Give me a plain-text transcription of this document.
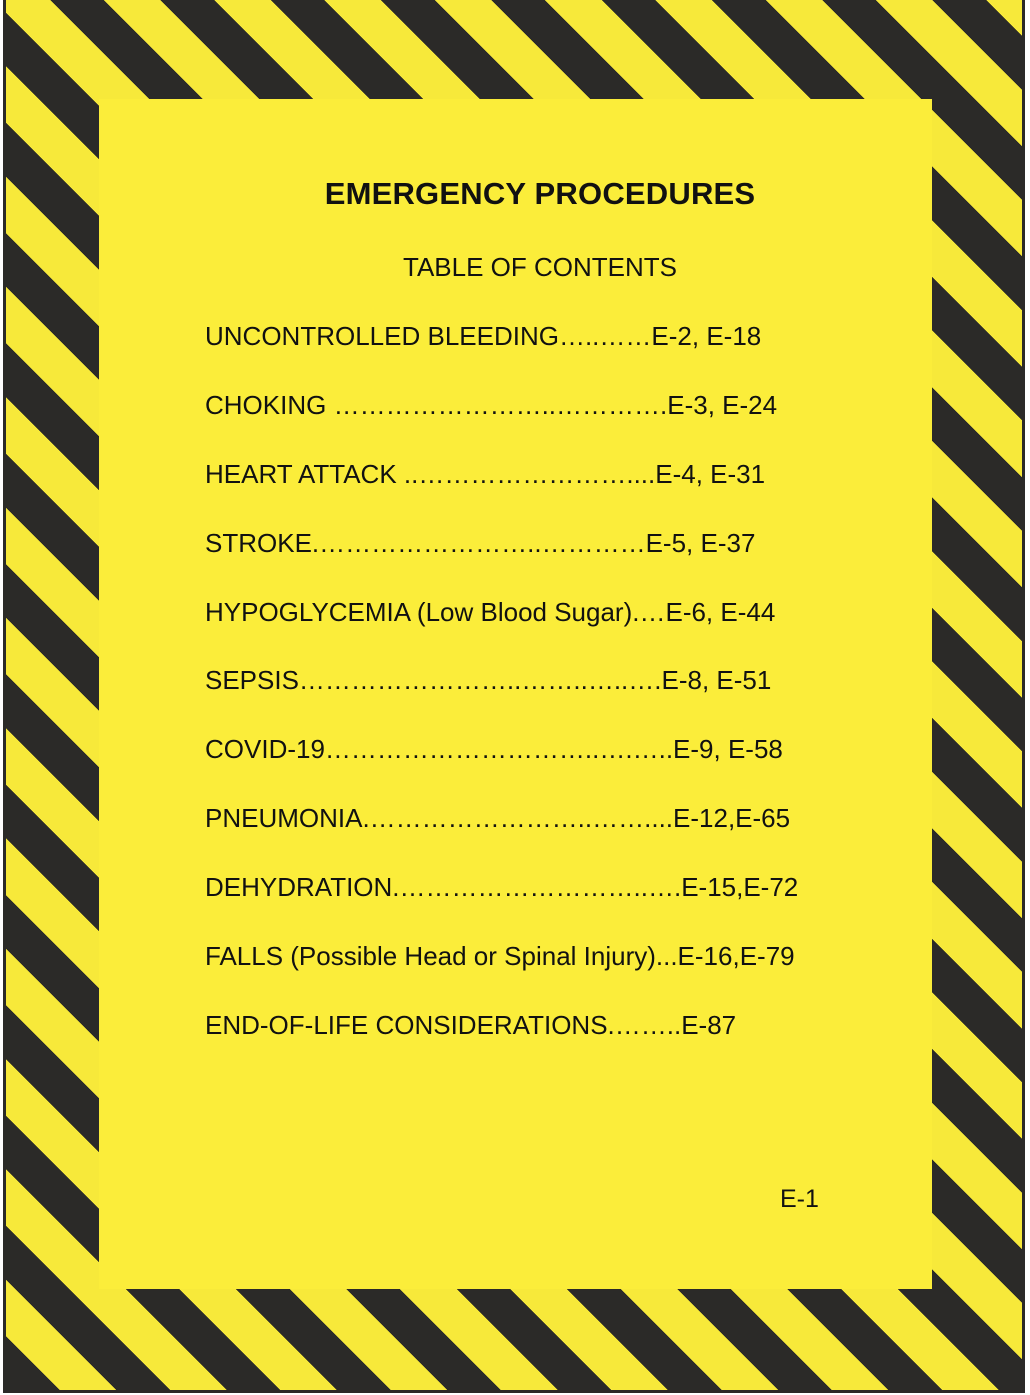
EMERGENCY PROCEDURES
TABLE OF CONTENTS
UNCONTROLLED BLEEDING…..……E-2, E-18
CHOKING ……………………..………….E-3, E-24
HEART ATTACK ..……………………....E-4, E-31
STROKE.……………………..…………E-5, E-37
HYPOGLYCEMIA (Low Blood Sugar).…E-6, E-44
SEPSIS……………………..……..…..….E-8, E-51
COVID-19…………………………..….…..E-9, E-58
PNEUMONIA.……………………..……....E-12,E-65
DEHYDRATION.………………………..….E-15,E-72
FALLS (Possible Head or Spinal Injury)...E-16,E-79
END-OF-LIFE CONSIDERATIONS.……..E-87
E-1
